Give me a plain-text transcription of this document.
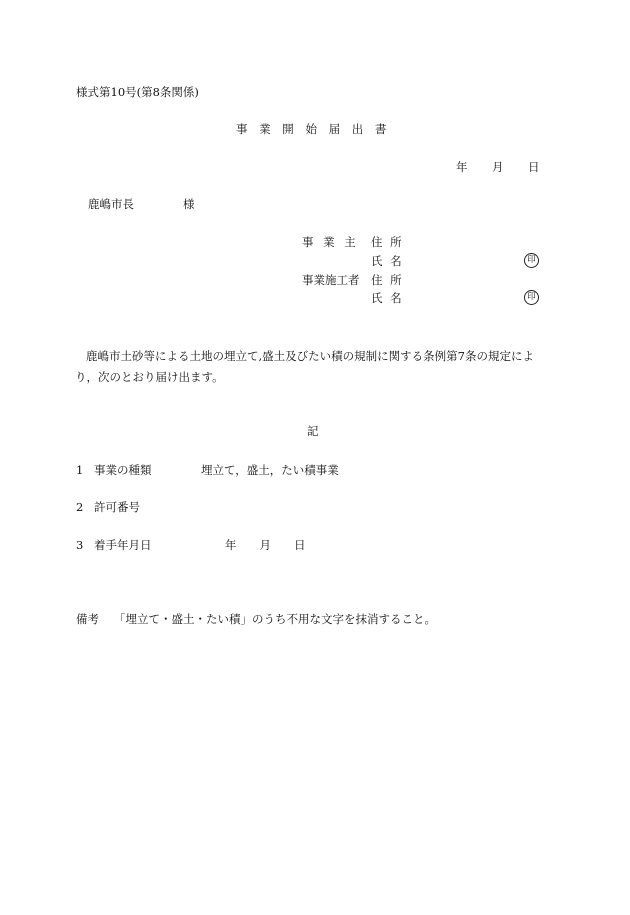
様式第10号(第8条関係)
事 業 開 始 届 出 書
年 月 日
鹿嶋市長	様
事 業 主 住 所
氏 名	印
事業施工者 住 所
氏 名	印
鹿嶋市土砂等による土地の埋立て,盛土及びたい積の規制に関する条例第7条の規定により，次のとおり届け出ます。
記
1 事業の種類	埋立て，盛土，たい積事業
2 許可番号
3 着手年月日	年　　月　　日
備考 「埋立て・盛土・たい積」のうち不用な文字を抹消すること。
